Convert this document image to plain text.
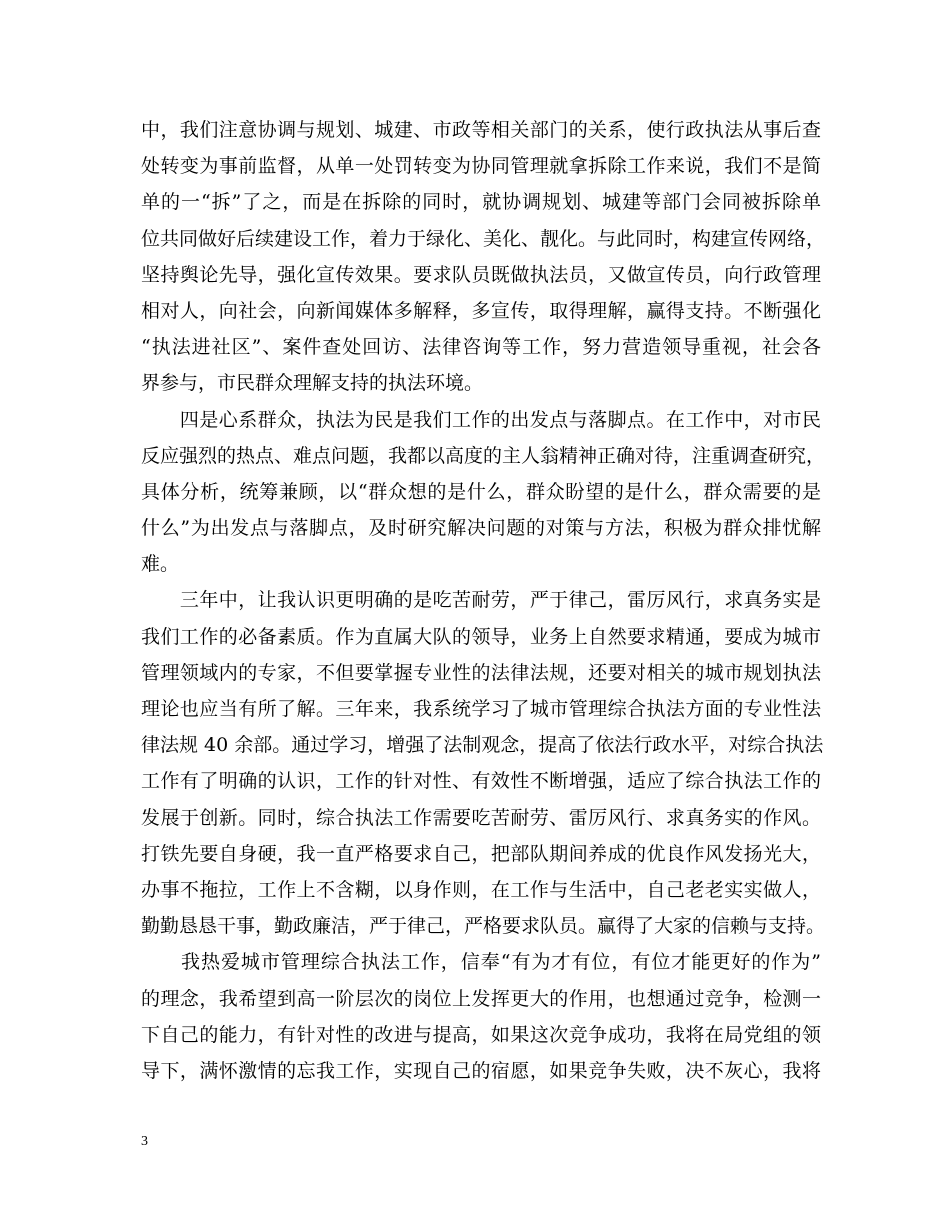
中，我们注意协调与规划、城建、市政等相关部门的关系，使行政执法从事后查
处转变为事前监督，从单一处罚转变为协同管理就拿拆除工作来说，我们不是简
单的一“拆”了之，而是在拆除的同时，就协调规划、城建等部门会同被拆除单
位共同做好后续建设工作，着力于绿化、美化、靓化。与此同时，构建宣传网络，
坚持舆论先导，强化宣传效果。要求队员既做执法员，又做宣传员，向行政管理
相对人，向社会，向新闻媒体多解释，多宣传，取得理解，赢得支持。不断强化
“执法进社区”、案件查处回访、法律咨询等工作，努力营造领导重视，社会各
界参与，市民群众理解支持的执法环境。
　　四是心系群众，执法为民是我们工作的出发点与落脚点。在工作中，对市民
反应强烈的热点、难点问题，我都以高度的主人翁精神正确对待，注重调查研究，
具体分析，统筹兼顾，以“群众想的是什么，群众盼望的是什么，群众需要的是
什么”为出发点与落脚点，及时研究解决问题的对策与方法，积极为群众排忧解
难。
　　三年中，让我认识更明确的是吃苦耐劳，严于律己，雷厉风行，求真务实是
我们工作的必备素质。作为直属大队的领导，业务上自然要求精通，要成为城市
管理领域内的专家，不但要掌握专业性的法律法规，还要对相关的城市规划执法
理论也应当有所了解。三年来，我系统学习了城市管理综合执法方面的专业性法
律法规 40 余部。通过学习，增强了法制观念，提高了依法行政水平，对综合执法
工作有了明确的认识，工作的针对性、有效性不断增强，适应了综合执法工作的
发展于创新。同时，综合执法工作需要吃苦耐劳、雷厉风行、求真务实的作风。
打铁先要自身硬，我一直严格要求自己，把部队期间养成的优良作风发扬光大，
办事不拖拉，工作上不含糊，以身作则，在工作与生活中，自己老老实实做人，
勤勤恳恳干事，勤政廉洁，严于律己，严格要求队员。赢得了大家的信赖与支持。
　　我热爱城市管理综合执法工作，信奉“有为才有位，有位才能更好的作为”
的理念，我希望到高一阶层次的岗位上发挥更大的作用，也想通过竞争，检测一
下自己的能力，有针对性的改进与提高，如果这次竞争成功，我将在局党组的领
导下，满怀激情的忘我工作，实现自己的宿愿，如果竞争失败，决不灰心，我将
3
